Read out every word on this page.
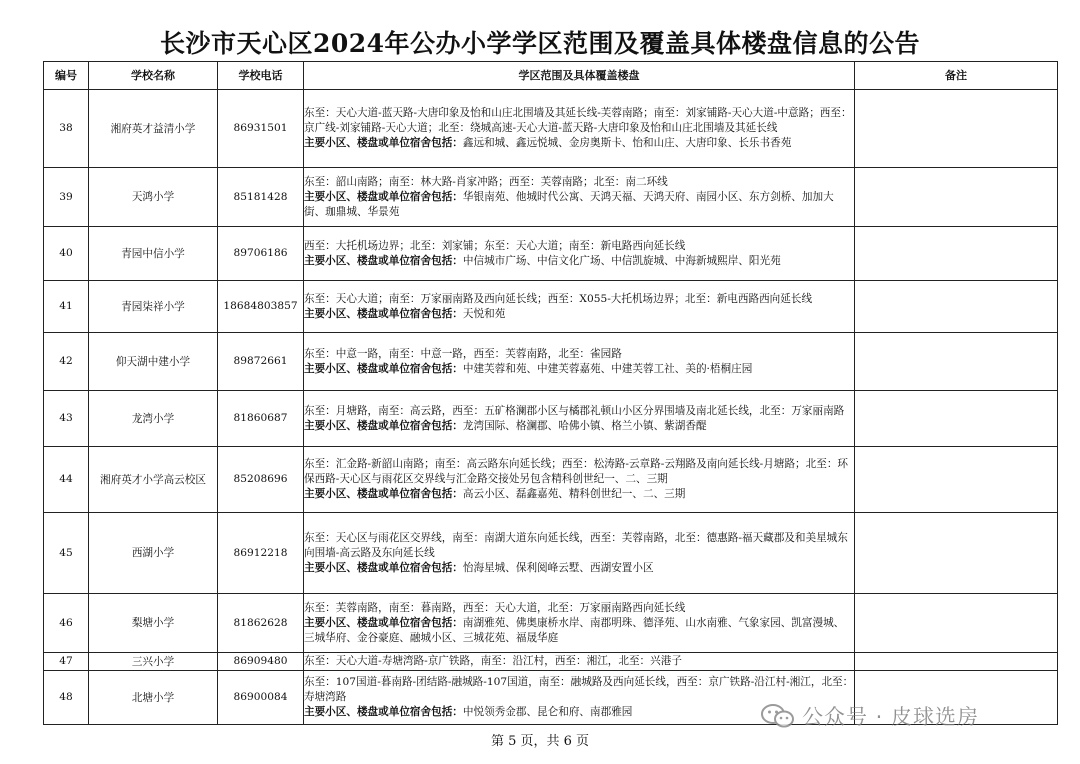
长沙市天心区2024年公办小学学区范围及覆盖具体楼盘信息的公告
编号	学校名称	学校电话	学区范围及具体覆盖楼盘	备注
38	湘府英才益清小学	86931501	东至：天心大道-蓝天路-大唐印象及怡和山庄北围墙及其延长线-芙蓉南路；南至：刘家铺路-天心大道-中意路；西至：京广线-刘家铺路-天心大道；北至：绕城高速-天心大道-蓝天路-大唐印象及怡和山庄北围墙及其延长线
主要小区、楼盘或单位宿舍包括：鑫远和城、鑫远悦城、金房奥斯卡、怡和山庄、大唐印象、长乐书香苑	

39	天鸿小学	85181428	东至：韶山南路；南至：林大路-肖家冲路；西至：芙蓉南路；北至：南二环线
主要小区、楼盘或单位宿舍包括：华银南苑、他城时代公寓、天鸿天福、天鸿天府、南园小区、东方剑桥、加加大街、珈鼎城、华景苑	

40	青园中信小学	89706186	西至：大托机场边界；北至：刘家铺；东至：天心大道；南至：新电路西向延长线
主要小区、楼盘或单位宿舍包括：中信城市广场、中信文化广场、中信凯旋城、中海新城熙岸、阳光苑	

41	青园柒祥小学	18684803857	东至：天心大道；南至：万家丽南路及西向延长线；西至：X055-大托机场边界；北至：新电西路西向延长线
主要小区、楼盘或单位宿舍包括：天悦和苑	

42	仰天湖中建小学	89872661	东至：中意一路，南至：中意一路，西至：芙蓉南路，北至：雀园路
主要小区、楼盘或单位宿舍包括：中建芙蓉和苑、中建芙蓉嘉苑、中建芙蓉工社、美的·梧桐庄园	

43	龙湾小学	81860687	东至：月塘路，南至：高云路，西至：五矿格澜郡小区与橘郡礼顿山小区分界围墙及南北延长线，北至：万家丽南路
主要小区、楼盘或单位宿舍包括：龙湾国际、格澜郡、哈佛小镇、格兰小镇、紫湖香醍	

44	湘府英才小学高云校区	85208696	东至：汇金路-新韶山南路；南至：高云路东向延长线；西至：松涛路-云章路-云翔路及南向延长线-月塘路；北至：环保西路-天心区与雨花区交界线与汇金路交接处另包含精科创世纪一、二、三期
主要小区、楼盘或单位宿舍包括：高云小区、磊鑫嘉苑、精科创世纪一、二、三期	

45	西湖小学	86912218	东至：天心区与雨花区交界线，南至：南湖大道东向延长线，西至：芙蓉南路，北至：德惠路-福天藏郡及和美星城东向围墙-高云路及东向延长线
主要小区、楼盘或单位宿舍包括：怡海星城、保利阅峰云墅、西湖安置小区	

46	梨塘小学	81862628	东至：芙蓉南路，南至：暮南路，西至：天心大道，北至：万家丽南路西向延长线
主要小区、楼盘或单位宿舍包括：南湖雅苑、佛奥康桥水岸、南郡明珠、德泽苑、山水南雅、气象家园、凯富漫城、三城华府、金谷豪庭、融城小区、三城花苑、福晟华庭	

47	三兴小学	86909480	东至：天心大道-寿塘湾路-京广铁路，南至：沿江村，西至：湘江，北至：兴港子	

48	北塘小学	86900084	东至：107国道-暮南路-团结路-融城路-107国道，南至：融城路及西向延长线，西至：京广铁路-沿江村-湘江，北至：寿塘湾路
主要小区、楼盘或单位宿舍包括：中悦领秀金郡、昆仑和府、南郡雅园	

第 5 页，共 6 页
公众号 · 皮球选房
